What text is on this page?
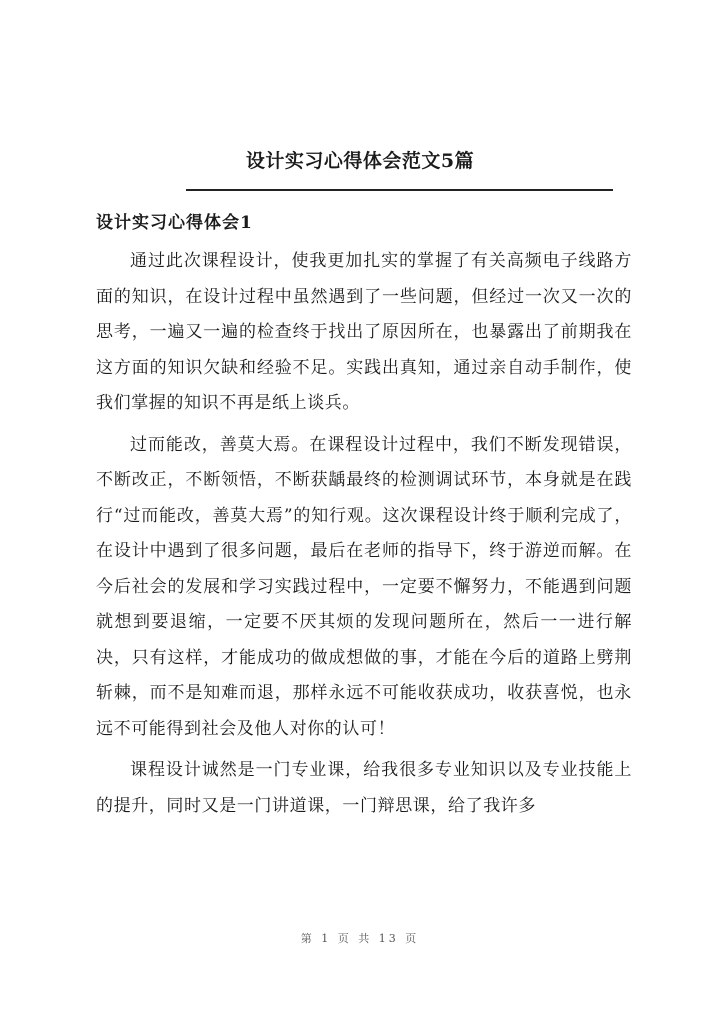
设计实习心得体会范文5篇
设计实习心得体会1

通过此次课程设计，使我更加扎实的掌握了有关高频电子线路方面的知识，在设计过程中虽然遇到了一些问题，但经过一次又一次的思考，一遍又一遍的检查终于找出了原因所在，也暴露出了前期我在这方面的知识欠缺和经验不足。实践出真知，通过亲自动手制作，使我们掌握的知识不再是纸上谈兵。

过而能改，善莫大焉。在课程设计过程中，我们不断发现错误，不断改正，不断领悟，不断获龋最终的检测调试环节，本身就是在践行“过而能改，善莫大焉”的知行观。这次课程设计终于顺利完成了，在设计中遇到了很多问题，最后在老师的指导下，终于游逆而解。在今后社会的发展和学习实践过程中，一定要不懈努力，不能遇到问题就想到要退缩，一定要不厌其烦的发现问题所在，然后一一进行解决，只有这样，才能成功的做成想做的事，才能在今后的道路上劈荆斩棘，而不是知难而退，那样永远不可能收获成功，收获喜悦，也永远不可能得到社会及他人对你的认可！

课程设计诚然是一门专业课，给我很多专业知识以及专业技能上的提升，同时又是一门讲道课，一门辩思课，给了我许多

第 1 页 共 13 页
